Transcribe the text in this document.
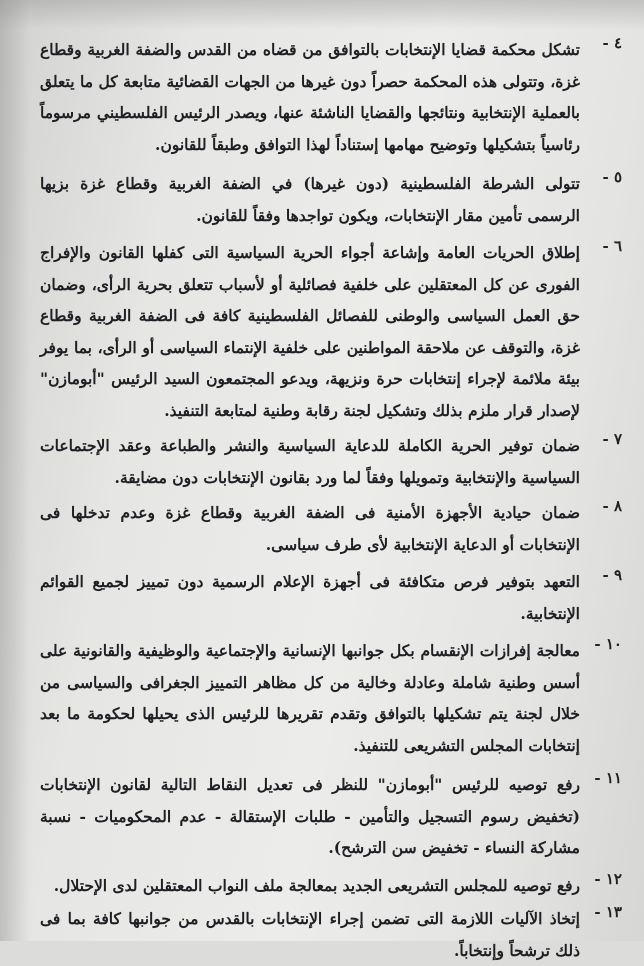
٤ -
تشكل محكمة قضايا الإنتخابات بالتوافق من قضاه من القدس والضفة الغربية وقطاع غزة، وتتولى هذه المحكمة حصراً دون غيرها من الجهات القضائية متابعة كل ما يتعلق بالعملية الإنتخابية ونتائجها والقضايا الناشئة عنها، ويصدر الرئيس الفلسطيني مرسوماً رئاسياً بتشكيلها وتوضيح مهامها إستناداً لهذا التوافق وطبقاً للقانون.
٥ -
تتولى الشرطة الفلسطينية (دون غيرها) في الضفة الغربية وقطاع غزة بزيها الرسمى تأمين مقار الإنتخابات، ويكون تواجدها وفقاً للقانون.
٦ -
إطلاق الحريات العامة وإشاعة أجواء الحرية السياسية التى كفلها القانون والإفراج الفورى عن كل المعتقلين على خلفية فصائلية أو لأسباب تتعلق بحرية الرأى، وضمان حق العمل السياسى والوطنى للفصائل الفلسطينية كافة فى الضفة الغربية وقطاع غزة، والتوقف عن ملاحقة المواطنين على خلفية الإنتماء السياسى أو الرأى، بما يوفر بيئة ملائمة لإجراء إنتخابات حرة ونزيهة، ويدعو المجتمعون السيد الرئيس "أبومازن" لإصدار قرار ملزم بذلك وتشكيل لجنة رقابة وطنية لمتابعة التنفيذ.
٧ -
ضمان توفير الحرية الكاملة للدعاية السياسية والنشر والطباعة وعقد الإجتماعات السياسية والإنتخابية وتمويلها وفقاً لما ورد بقانون الإنتخابات دون مضايقة.
٨ -
ضمان حيادية الأجهزة الأمنية فى الضفة الغربية وقطاع غزة وعدم تدخلها فى الإنتخابات أو الدعاية الإنتخابية لأى طرف سياسى.
٩ -
التعهد بتوفير فرص متكافئة فى أجهزة الإعلام الرسمية دون تمييز لجميع القوائم الإنتخابية.
١٠ -
معالجة إفرازات الإنقسام بكل جوانبها الإنسانية والإجتماعية والوظيفية والقانونية على أسس وطنية شاملة وعادلة وخالية من كل مظاهر التمييز الجغرافى والسياسى من خلال لجنة يتم تشكيلها بالتوافق وتقدم تقريرها للرئيس الذى يحيلها لحكومة ما بعد إنتخابات المجلس التشريعى للتنفيذ.
١١ -
رفع توصيه للرئيس "أبومازن" للنظر فى تعديل النقاط التالية لقانون الإنتخابات (تخفيض رسوم التسجيل والتأمين - طلبات الإستقالة - عدم المحكوميات - نسبة مشاركة النساء - تخفيض سن الترشح).
١٢ -
رفع توصيه للمجلس التشريعى الجديد بمعالجة ملف النواب المعتقلين لدى الإحتلال.
١٣ -
إتخاذ الآليات اللازمة التى تضمن إجراء الإنتخابات بالقدس من جوانبها كافة بما فى ذلك ترشحاً وإنتخاباً.
